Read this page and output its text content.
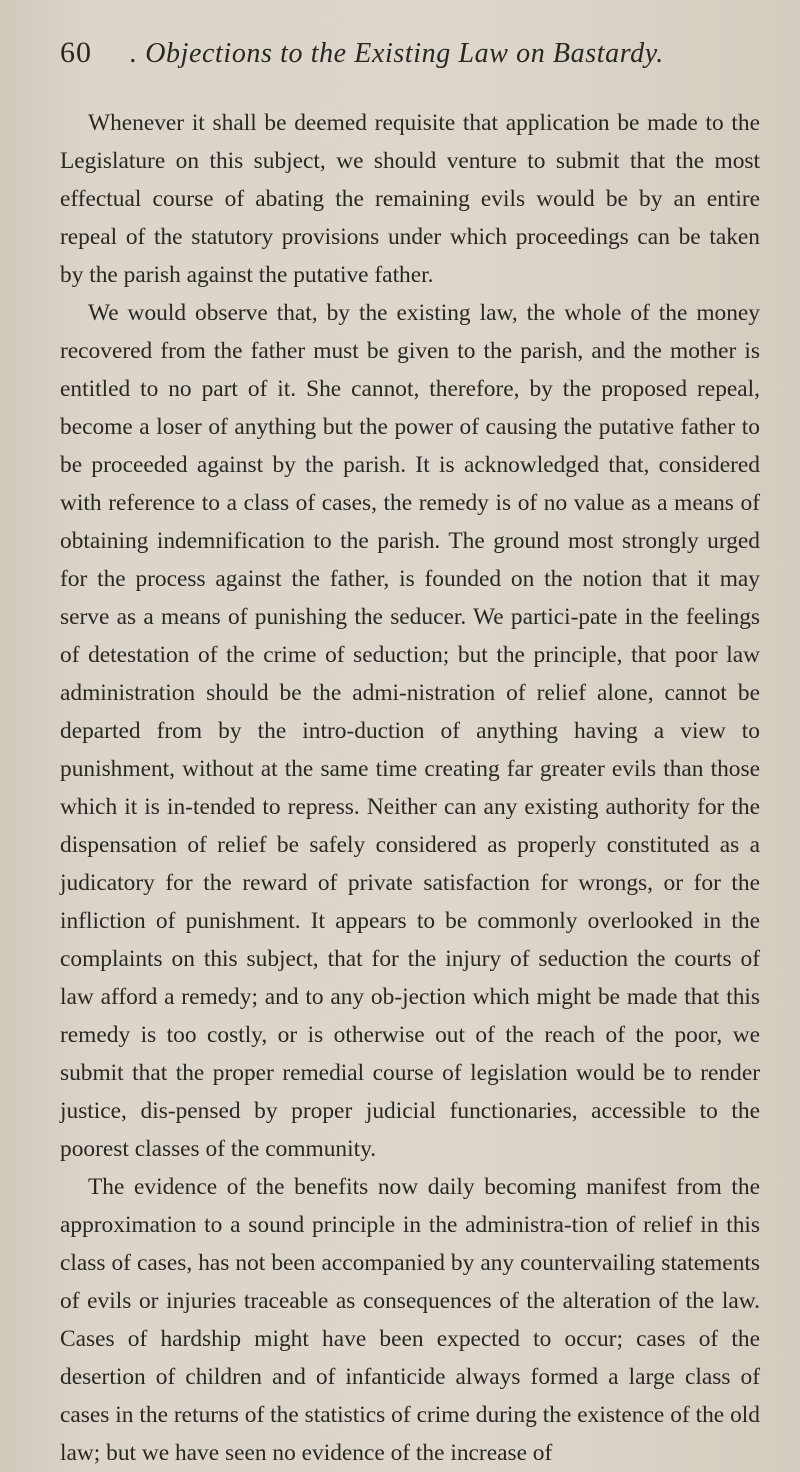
60	. Objections to the Existing Law on Bastardy.

Whenever it shall be deemed requisite that application be made to the Legislature on this subject, we should venture to submit that the most effectual course of abating the remaining evils would be by an entire repeal of the statutory provisions under which proceedings can be taken by the parish against the putative father.

We would observe that, by the existing law, the whole of the money recovered from the father must be given to the parish, and the mother is entitled to no part of it. She cannot, therefore, by the proposed repeal, become a loser of anything but the power of causing the putative father to be proceeded against by the parish. It is acknowledged that, considered with reference to a class of cases, the remedy is of no value as a means of obtaining indemnification to the parish. The ground most strongly urged for the process against the father, is founded on the notion that it may serve as a means of punishing the seducer. We partici-pate in the feelings of detestation of the crime of seduction; but the principle, that poor law administration should be the admi-nistration of relief alone, cannot be departed from by the intro-duction of anything having a view to punishment, without at the same time creating far greater evils than those which it is in-tended to repress. Neither can any existing authority for the dispensation of relief be safely considered as properly constituted as a judicatory for the reward of private satisfaction for wrongs, or for the infliction of punishment. It appears to be commonly overlooked in the complaints on this subject, that for the injury of seduction the courts of law afford a remedy; and to any ob-jection which might be made that this remedy is too costly, or is otherwise out of the reach of the poor, we submit that the proper remedial course of legislation would be to render justice, dis-pensed by proper judicial functionaries, accessible to the poorest classes of the community.

The evidence of the benefits now daily becoming manifest from the approximation to a sound principle in the administra-tion of relief in this class of cases, has not been accompanied by any countervailing statements of evils or injuries traceable as consequences of the alteration of the law. Cases of hardship might have been expected to occur; cases of the desertion of children and of infanticide always formed a large class of cases in the returns of the statistics of crime during the existence of the old law; but we have seen no evidence of the increase of
